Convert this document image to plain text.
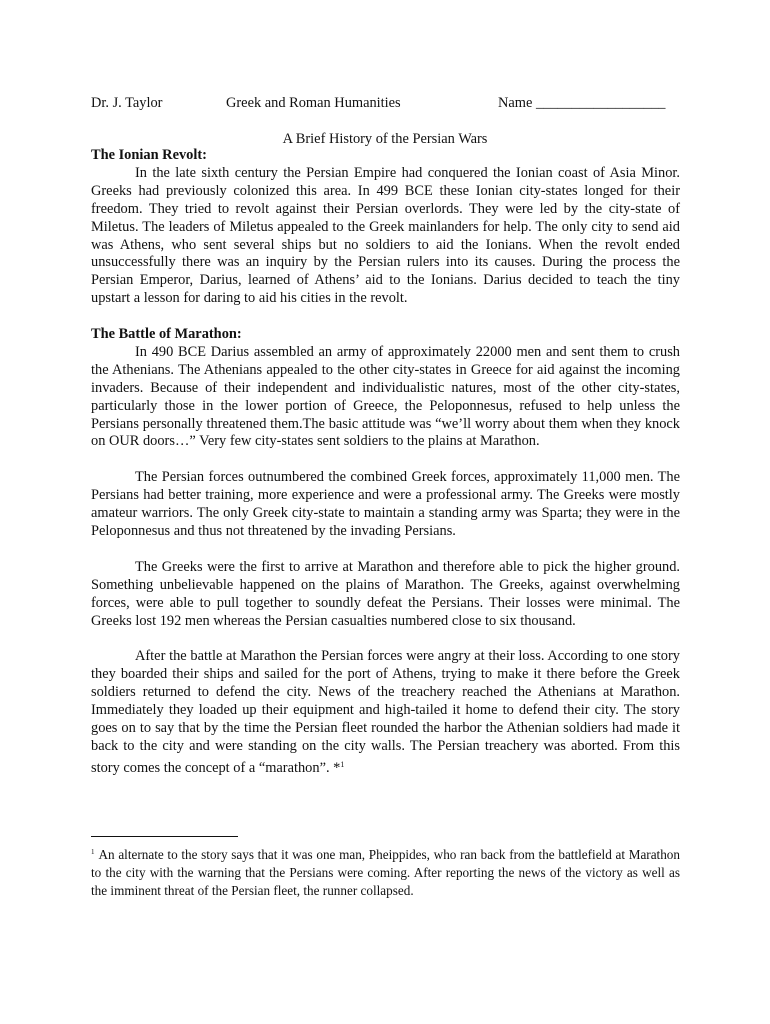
Dr. J. Taylor	Greek and Roman Humanities	Name __________________
A Brief History of the Persian Wars
The Ionian Revolt:

In the late sixth century the Persian Empire had conquered the Ionian coast of Asia Minor. Greeks had previously colonized this area. In 499 BCE these Ionian city-states longed for their freedom. They tried to revolt against their Persian overlords. They were led by the city-state of Miletus. The leaders of Miletus appealed to the Greek mainlanders for help. The only city to send aid was Athens, who sent several ships but no soldiers to aid the Ionians. When the revolt ended unsuccessfully there was an inquiry by the Persian rulers into its causes. During the process the Persian Emperor, Darius, learned of Athens’ aid to the Ionians. Darius decided to teach the tiny upstart a lesson for daring to aid his cities in the revolt.

The Battle of Marathon:

In 490 BCE Darius assembled an army of approximately 22000 men and sent them to crush the Athenians. The Athenians appealed to the other city-states in Greece for aid against the incoming invaders. Because of their independent and individualistic natures, most of the other city-states, particularly those in the lower portion of Greece, the Peloponnesus, refused to help unless the Persians personally threatened them.The basic attitude was “we’ll worry about them when they knock on OUR doors…” Very few city-states sent soldiers to the plains at Marathon.

The Persian forces outnumbered the combined Greek forces, approximately 11,000 men. The Persians had better training, more experience and were a professional army. The Greeks were mostly amateur warriors. The only Greek city-state to maintain a standing army was Sparta; they were in the Peloponnesus and thus not threatened by the invading Persians.

The Greeks were the first to arrive at Marathon and therefore able to pick the higher ground. Something unbelievable happened on the plains of Marathon. The Greeks, against overwhelming forces, were able to pull together to soundly defeat the Persians. Their losses were minimal. The Greeks lost 192 men whereas the Persian casualties numbered close to six thousand.

After the battle at Marathon the Persian forces were angry at their loss. According to one story they boarded their ships and sailed for the port of Athens, trying to make it there before the Greek soldiers returned to defend the city. News of the treachery reached the Athenians at Marathon. Immediately they loaded up their equipment and high-tailed it home to defend their city. The story goes on to say that by the time the Persian fleet rounded the harbor the Athenian soldiers had made it back to the city and were standing on the city walls. The Persian treachery was aborted. From this story comes the concept of a “marathon”. *$^1$

$^1$ An alternate to the story says that it was one man, Pheippides, who ran back from the battlefield at Marathon to the city with the warning that the Persians were coming. After reporting the news of the victory as well as the imminent threat of the Persian fleet, the runner collapsed.
